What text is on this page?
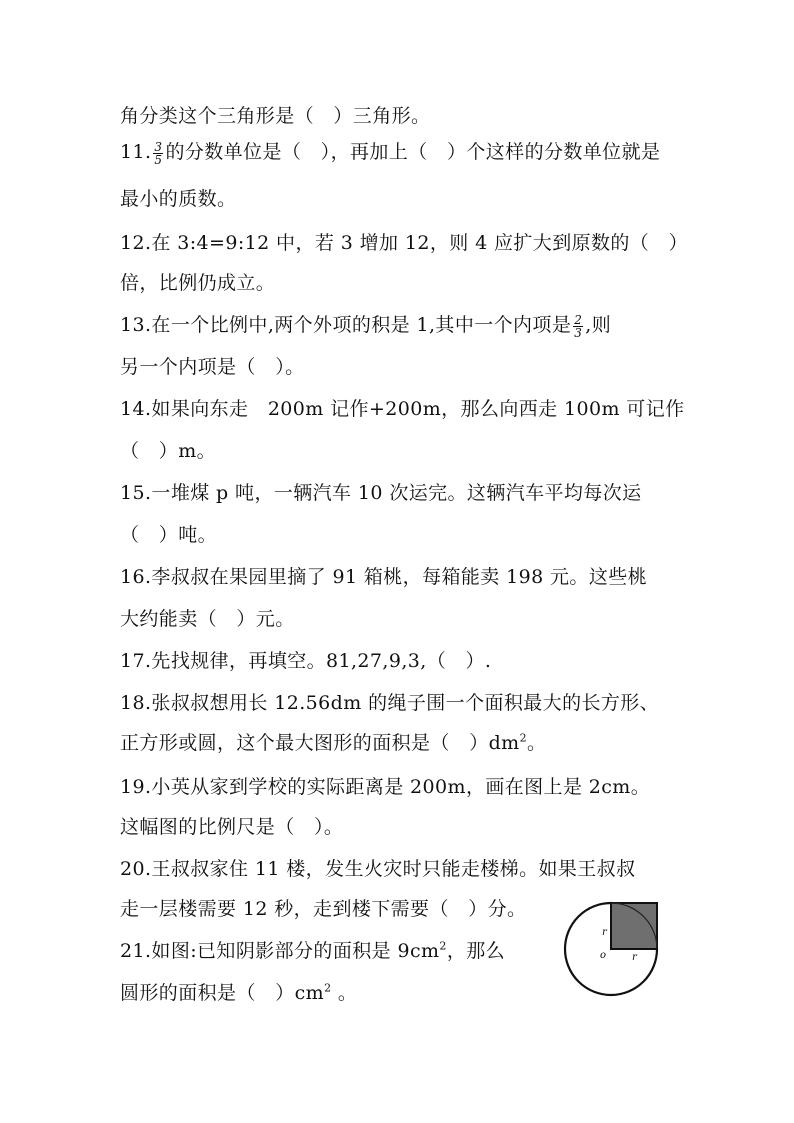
角分类这个三角形是（　）三角形。
11. $\frac{3}{5}$ 的分数单位是（　），再加上（　）个这样的分数单位就是
最小的质数。
12.在 3:4=9:12 中，若 3 增加 12，则 4 应扩大到原数的（　）
倍，比例仍成立。
13.在一个比例中,两个外项的积是 1,其中一个内项是 $\frac{2}{3}$ ,则
另一个内项是（　）。
14.如果向东走　200m 记作+200m，那么向西走 100m 可记作
（　）m。
15.一堆煤 p 吨，一辆汽车 10 次运完。这辆汽车平均每次运
（　）吨。
16.李叔叔在果园里摘了 91 箱桃，每箱能卖 198 元。这些桃
大约能卖（　）元。
17.先找规律，再填空。81,27,9,3,（　）.
18.张叔叔想用长 12.56dm 的绳子围一个面积最大的长方形、
正方形或圆，这个最大图形的面积是（　）$dm^2$。
19.小英从家到学校的实际距离是 200m，画在图上是 2cm。
这幅图的比例尺是（　）。
20.王叔叔家住 11 楼，发生火灾时只能走楼梯。如果王叔叔
走一层楼需要 12 秒，走到楼下需要（　）分。
21.如图:已知阴影部分的面积是 $9cm^2$，那么
圆形的面积是（　）$cm^2$ 。
r
o	r
